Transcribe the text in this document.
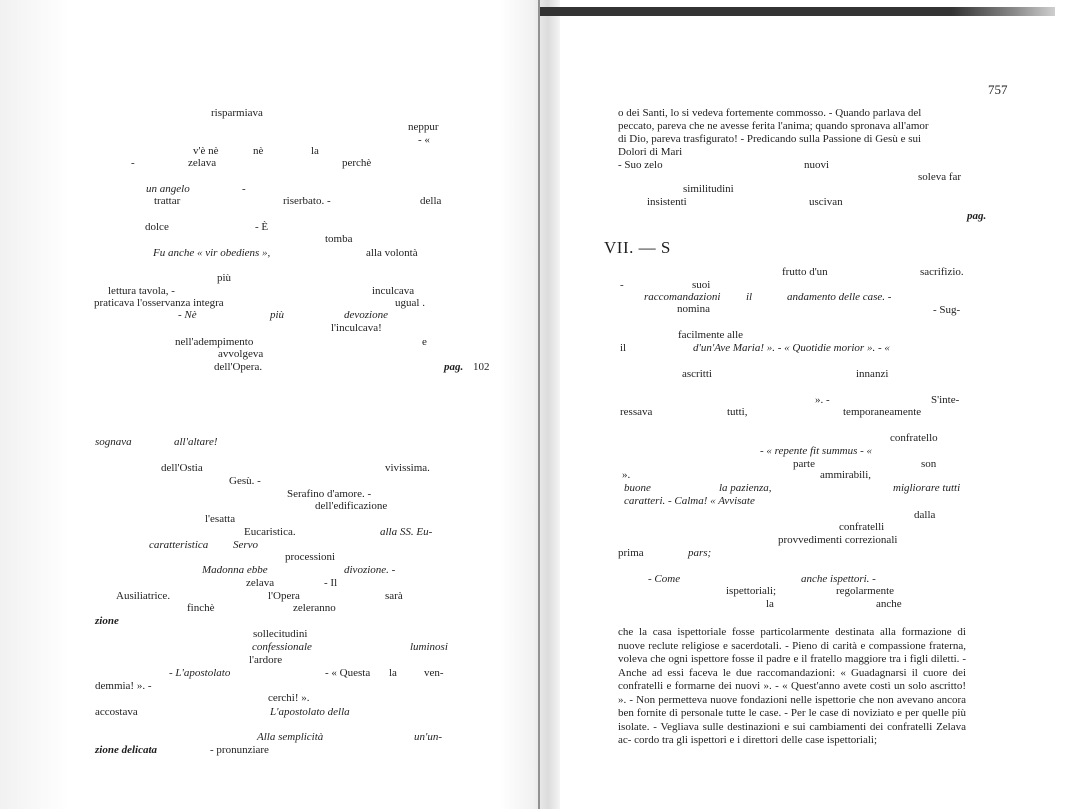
risparmiava
neppur
- «
v'è nè	nè	la
-	zelava	perchè
un angelo	-
trattar	riserbato. -	della
dolce	- È
tomba
Fu anche « vir obediens »,	alla volontà
più
lettura tavola, -	inculcava
praticava l'osservanza integra	ugual .
- Nè	più	devozione
l'inculcava!
nell'adempimento	e
avvolgeva
dell'Opera.	pag. 102
sognava	all'altare!
dell'Ostia	vivissima.
Gesù. -
Serafino d'amore. -
dell'edificazione
l'esatta
Eucaristica.	alla SS. Eu-
caratteristica Servo
processioni
Madonna ebbe	divozione. -
zelava	- Il
Ausiliatrice.	l'Opera	sarà
finchè	zeleranno
zione
sollecitudini
confessionale	luminosi
l'ardore
- L'apostolato	- « Questa la ven-
demmia! ». -
cerchi! ».
accostava	L'apostolato della
Alla semplicità	un'un-
zione delicata	- pronunziare
757
o dei Santi, lo si vedeva fortemente commosso. - Quando parlava del
peccato, pareva che ne avesse ferita l'anima; quando spronava all'amor
di Dio, pareva trasfigurato! - Predicando sulla Passione di Gesù e sui
Dolori di Mari
- Suo zelo	nuovi
soleva far
similitudini
insistenti	uscivan
pag.
VII. — S
frutto d'un	sacrifizio.
-	suoi
raccomandazioni il	andamento delle case. -
nomina	- Sug-
facilmente alle
il	d'un'Ave Maria! ». - « Quotidie morior ». - «
ascritti	innanzi
». -	S'inte-
ressava	tutti,	temporaneamente
confratello
- « repente fit summus - «
parte	son
».	ammirabili,
buone	la pazienza,	migliorare tutti
caratteri. - Calma! « Avvisate
dalla
confratelli
provvedimenti correzionali
prima	pars;
- Come	anche ispettori. -
ispettoriali;	regolarmente
la	anche

che la casa ispettoriale fosse particolarmente destinata alla formazione di nuove reclute religiose e sacerdotali. - Pieno di carità e compassione fraterna, voleva che ogni ispettore fosse il padre e il fratello maggiore tra i figli diletti. - Anche ad essi faceva le due raccomandazioni: « Guadagnarsi il cuore dei confratelli e formarne dei nuovi ». - « Quest'anno avete costì un solo ascritto! ». - Non permetteva nuove fondazioni nelle ispettorie che non avevano ancora ben fornite di personale tutte le case. - Per le case di noviziato e per quelle più isolate. - Vegliava sulle destinazioni e sui cambiamenti dei confratelli Zelava ac- cordo tra gli ispettori e i direttori delle case ispettoriali;
